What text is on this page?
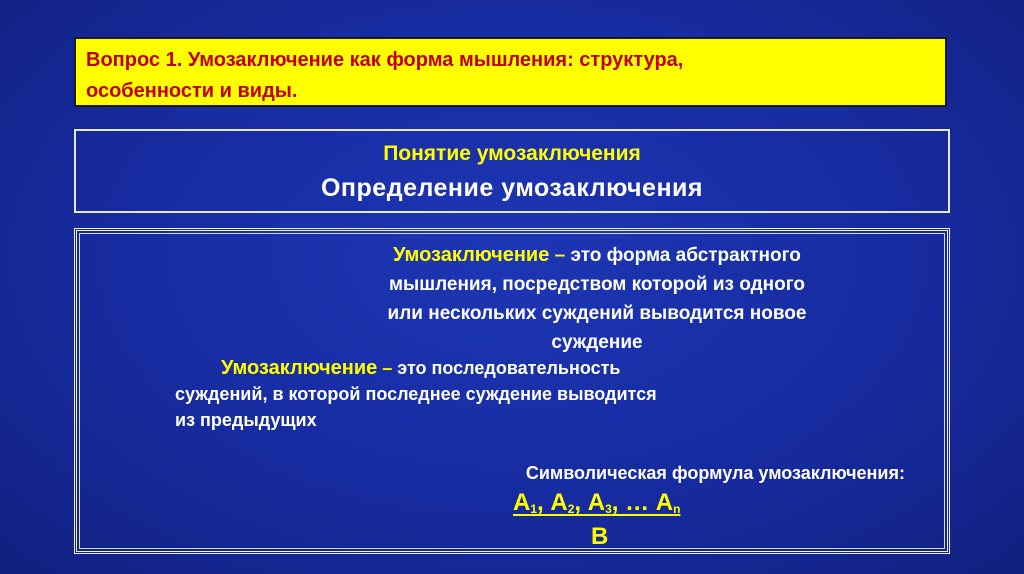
Вопрос 1. Умозаключение как форма мышления: структура,
особенности и виды.
Понятие умозаключения
Определение умозаключения
Умозаключение – это форма абстрактного
мышления, посредством которой из одного
или нескольких суждений выводится новое
суждение
Умозаключение – это последовательность
суждений, в которой последнее суждение выводится
из предыдущих
Символическая формула умозаключения:
$А_1$, $А_2$, $А_3$, … $А_n$
В
